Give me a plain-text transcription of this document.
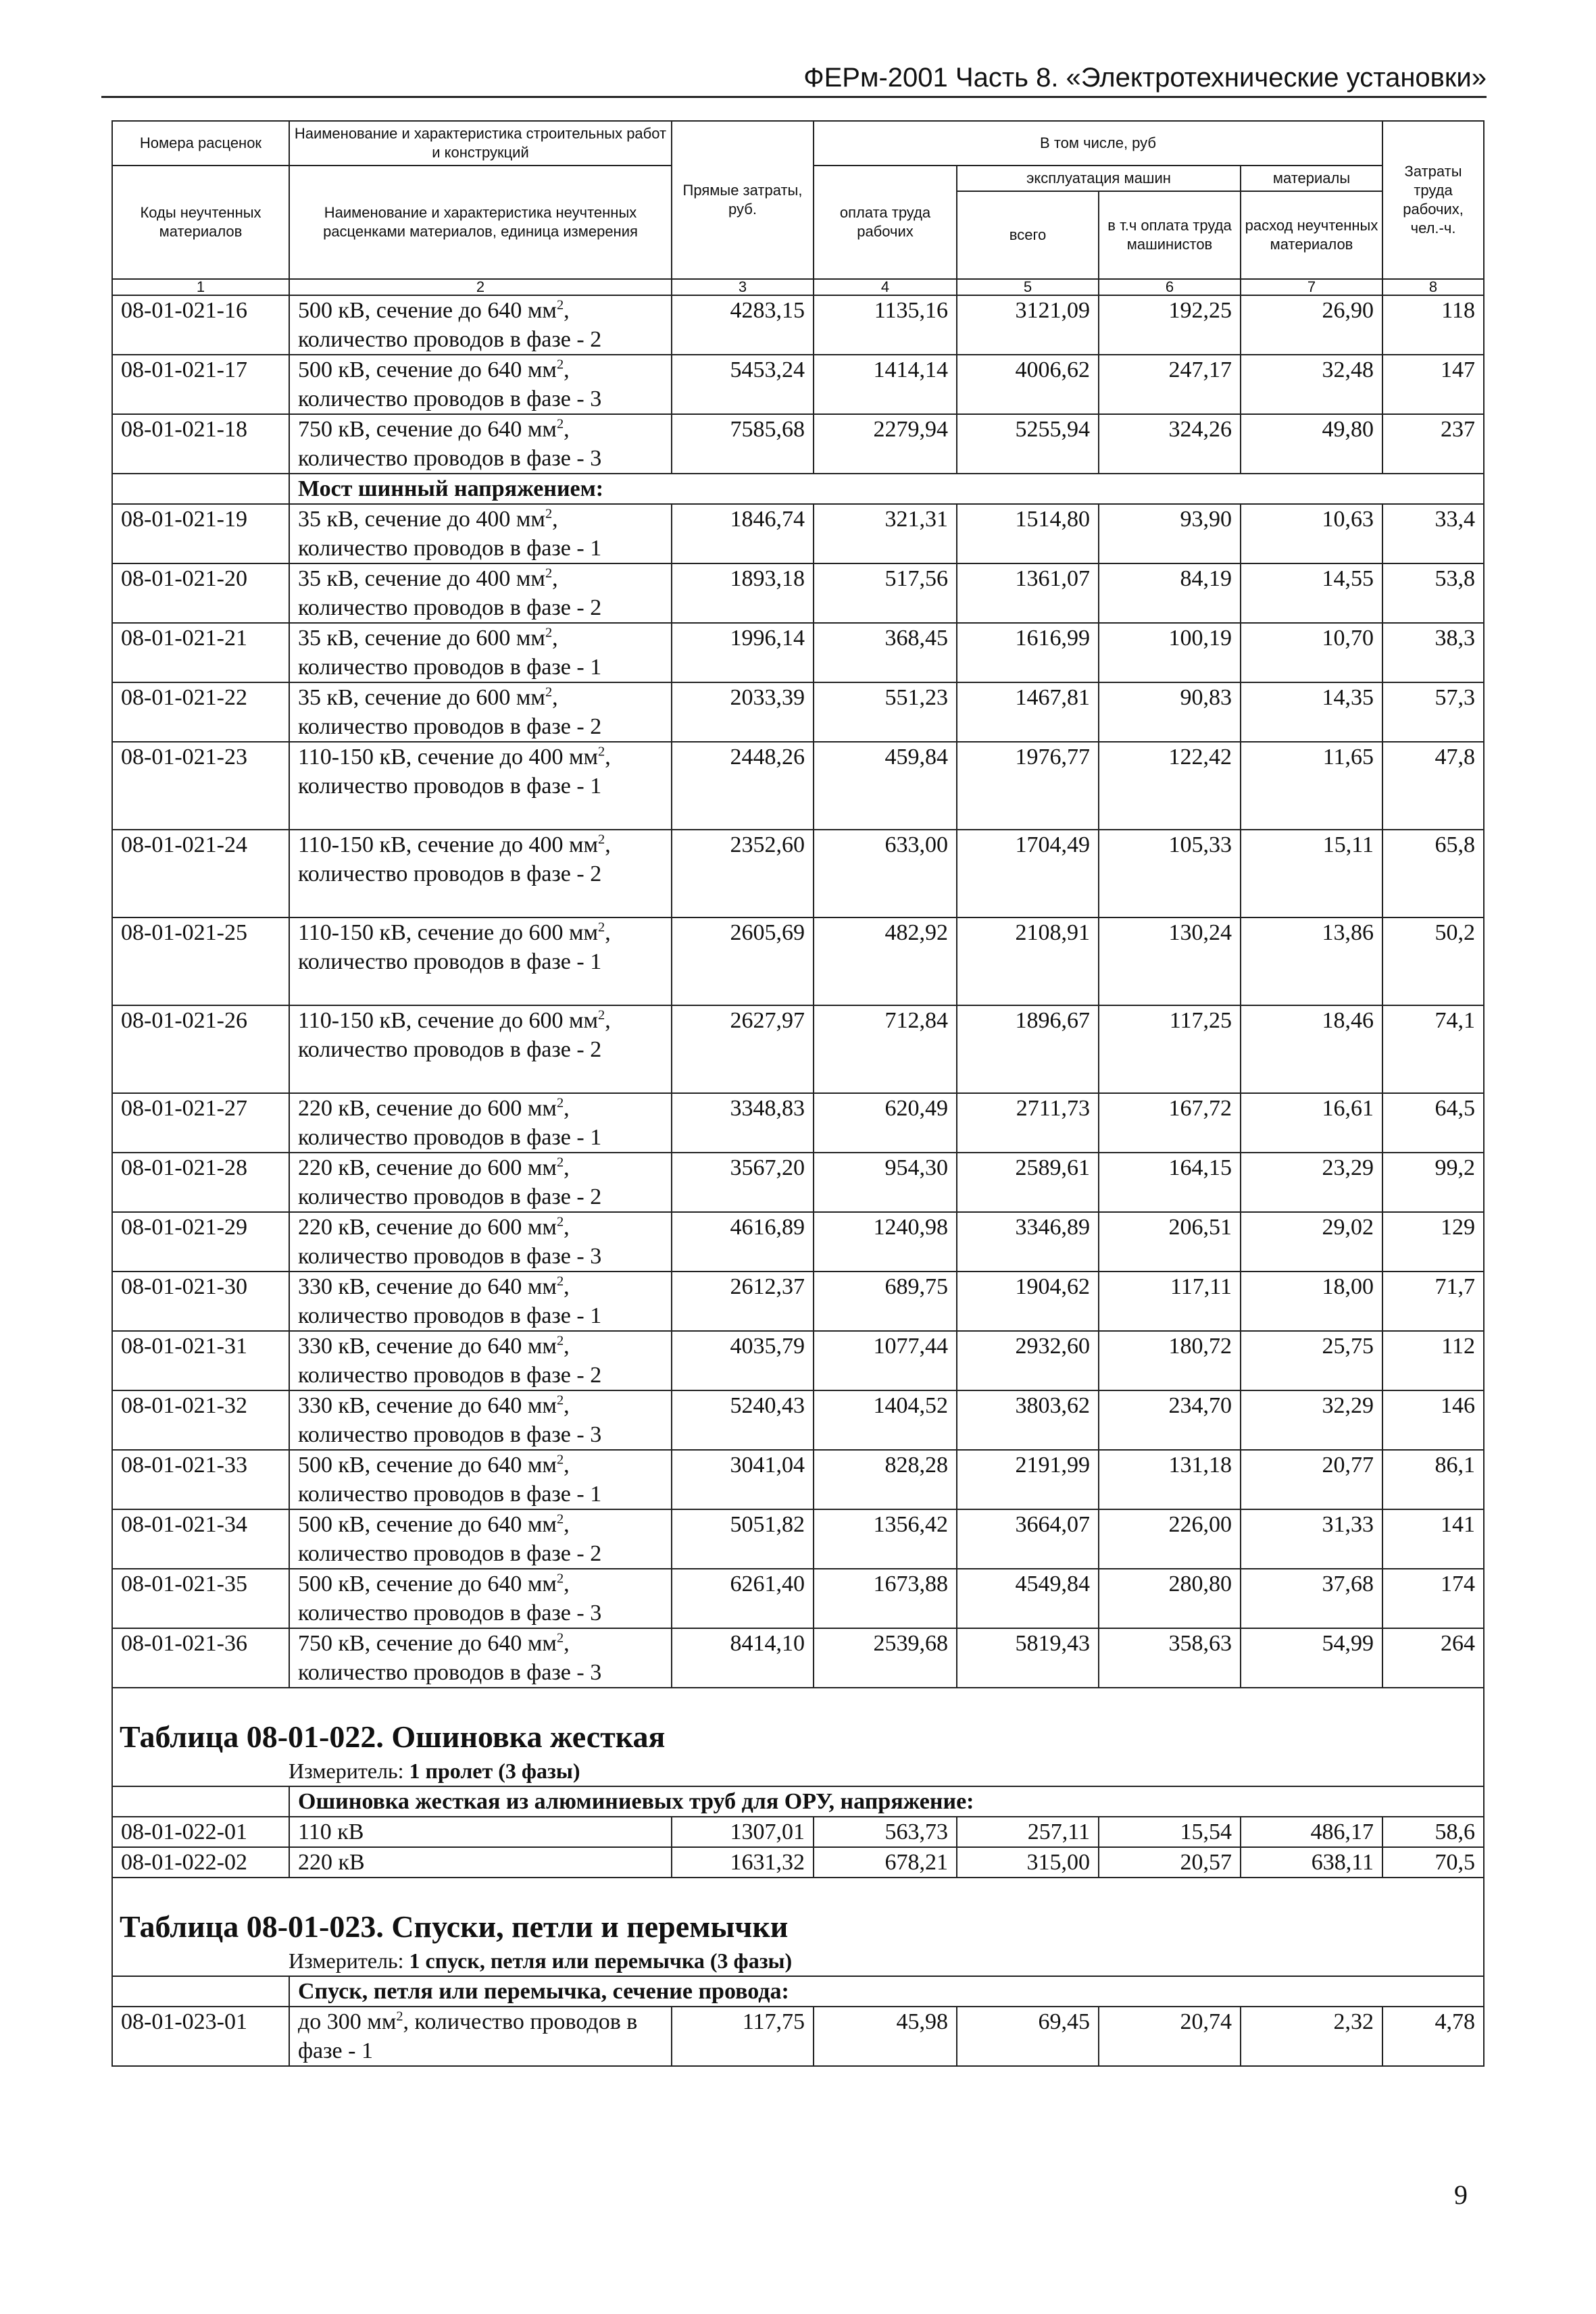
ФЕРм-2001 Часть 8. «Электротехнические установки»
Номера расценок	Наименование и характеристика строительных работ и конструкций	Прямые затраты, руб.	В том числе, руб				Затраты труда рабочих, чел.-ч.
Коды неучтенных материалов	Наименование и характеристика неучтенных расценками материалов, единица измерения		оплата труда рабочих	эксплуатация машин		материалы	
				всего	в т.ч оплата труда машинистов	расход неучтенных материалов	

1	2	3	4	5	6	7	8
08-01-021-16	500 кВ, сечение до 640 $мм^2$, количество проводов в фазе - 2	4283,15	1135,16	3121,09	192,25	26,90	118
08-01-021-17	500 кВ, сечение до 640 $мм^2$, количество проводов в фазе - 3	5453,24	1414,14	4006,62	247,17	32,48	147
08-01-021-18	750 кВ, сечение до 640 $мм^2$, количество проводов в фазе - 3	7585,68	2279,94	5255,94	324,26	49,80	237
	Мост шинный напряжением:						
08-01-021-19	35 кВ, сечение до 400 $мм^2$, количество проводов в фазе - 1	1846,74	321,31	1514,80	93,90	10,63	33,4
08-01-021-20	35 кВ, сечение до 400 $мм^2$, количество проводов в фазе - 2	1893,18	517,56	1361,07	84,19	14,55	53,8
08-01-021-21	35 кВ, сечение до 600 $мм^2$, количество проводов в фазе - 1	1996,14	368,45	1616,99	100,19	10,70	38,3
08-01-021-22	35 кВ, сечение до 600 $мм^2$, количество проводов в фазе - 2	2033,39	551,23	1467,81	90,83	14,35	57,3
08-01-021-23	110-150 кВ, сечение до 400 $мм^2$, количество проводов в фазе - 1	2448,26	459,84	1976,77	122,42	11,65	47,8
08-01-021-24	110-150 кВ, сечение до 400 $мм^2$, количество проводов в фазе - 2	2352,60	633,00	1704,49	105,33	15,11	65,8
08-01-021-25	110-150 кВ, сечение до 600 $мм^2$, количество проводов в фазе - 1	2605,69	482,92	2108,91	130,24	13,86	50,2
08-01-021-26	110-150 кВ, сечение до 600 $мм^2$, количество проводов в фазе - 2	2627,97	712,84	1896,67	117,25	18,46	74,1
08-01-021-27	220 кВ, сечение до 600 $мм^2$, количество проводов в фазе - 1	3348,83	620,49	2711,73	167,72	16,61	64,5
08-01-021-28	220 кВ, сечение до 600 $мм^2$, количество проводов в фазе - 2	3567,20	954,30	2589,61	164,15	23,29	99,2
08-01-021-29	220 кВ, сечение до 600 $мм^2$, количество проводов в фазе - 3	4616,89	1240,98	3346,89	206,51	29,02	129
08-01-021-30	330 кВ, сечение до 640 $мм^2$, количество проводов в фазе - 1	2612,37	689,75	1904,62	117,11	18,00	71,7
08-01-021-31	330 кВ, сечение до 640 $мм^2$, количество проводов в фазе - 2	4035,79	1077,44	2932,60	180,72	25,75	112
08-01-021-32	330 кВ, сечение до 640 $мм^2$, количество проводов в фазе - 3	5240,43	1404,52	3803,62	234,70	32,29	146
08-01-021-33	500 кВ, сечение до 640 $мм^2$, количество проводов в фазе - 1	3041,04	828,28	2191,99	131,18	20,77	86,1
08-01-021-34	500 кВ, сечение до 640 $мм^2$, количество проводов в фазе - 2	5051,82	1356,42	3664,07	226,00	31,33	141
08-01-021-35	500 кВ, сечение до 640 $мм^2$, количество проводов в фазе - 3	6261,40	1673,88	4549,84	280,80	37,68	174
08-01-021-36	750 кВ, сечение до 640 $мм^2$, количество проводов в фазе - 3	8414,10	2539,68	5819,43	358,63	54,99	264

Таблица 08-01-022. Ошиновка жесткая
Измеритель: 1 пролет (3 фазы)							

	Ошиновка жесткая из алюминиевых труб для ОРУ, напряжение:						
08-01-022-01	110 кВ	1307,01	563,73	257,11	15,54	486,17	58,6
08-01-022-02	220 кВ	1631,32	678,21	315,00	20,57	638,11	70,5

Таблица 08-01-023. Спуски, петли и перемычки
Измеритель: 1 спуск, петля или перемычка (3 фазы)							

	Спуск, петля или перемычка, сечение провода:						
08-01-023-01	до 300 $мм^2$, количество проводов в фазе - 1	117,75	45,98	69,45	20,74	2,32	4,78
9
